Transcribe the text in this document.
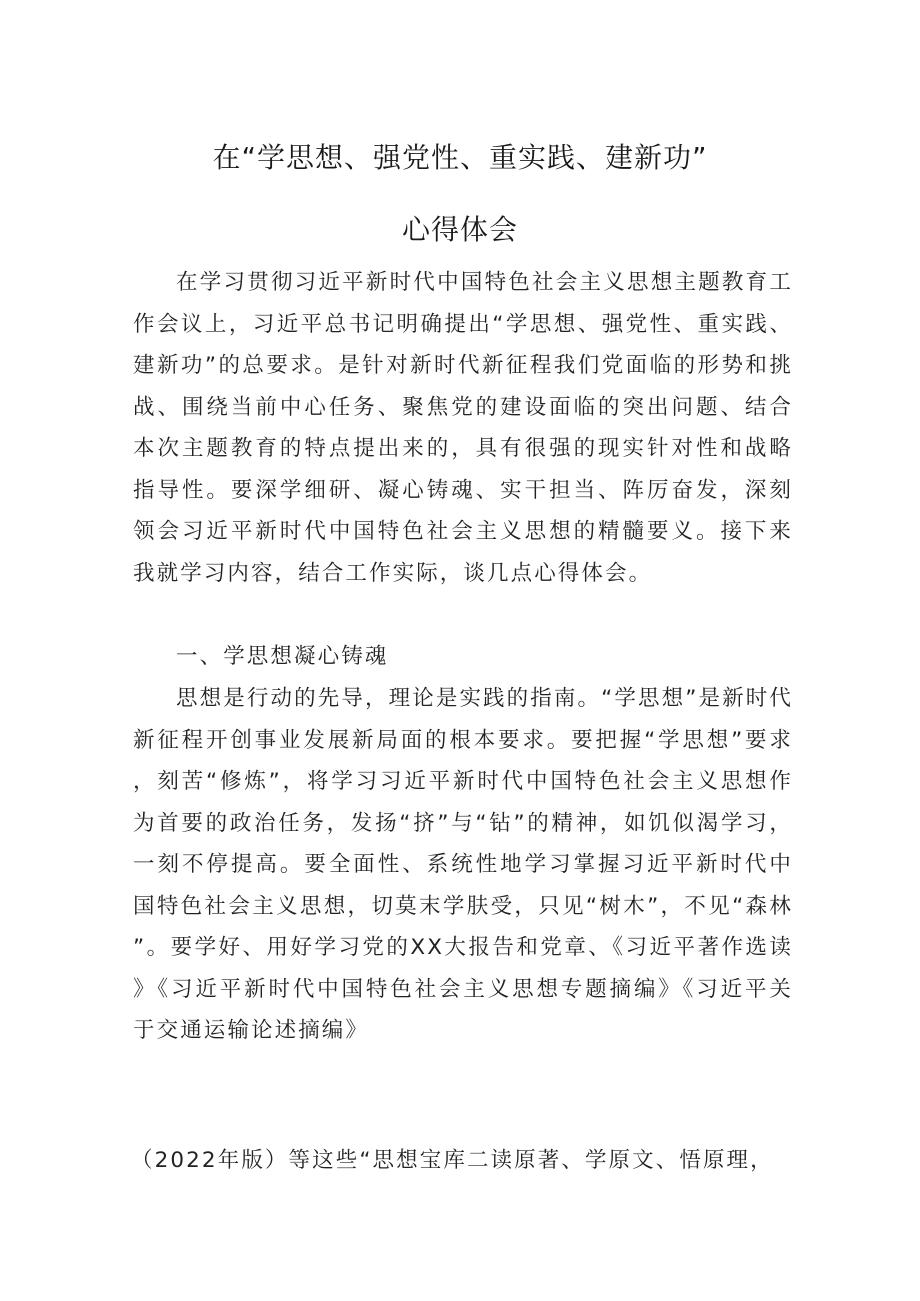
在“学思想、强党性、重实践、建新功”
心得体会

在学习贯彻习近平新时代中国特色社会主义思想主题教育工作会议上，习近平总书记明确提出“学思想、强党性、重实践、建新功”的总要求。是针对新时代新征程我们党面临的形势和挑战、围绕当前中心任务、聚焦党的建设面临的突出问题、结合本次主题教育的特点提出来的，具有很强的现实针对性和战略指导性。要深学细研、凝心铸魂、实干担当、阵厉奋发，深刻领会习近平新时代中国特色社会主义思想的精髓要义。接下来我就学习内容，结合工作实际，谈几点心得体会。

一、学思想凝心铸魂

思想是行动的先导，理论是实践的指南。“学思想”是新时代新征程开创事业发展新局面的根本要求。要把握“学思想”要求，刻苦“修炼”，将学习习近平新时代中国特色社会主义思想作为首要的政治任务，发扬“挤”与“钻”的精神，如饥似渴学习，一刻不停提高。要全面性、系统性地学习掌握习近平新时代中国特色社会主义思想，切莫末学肤受，只见“树木”，不见“森林”。要学好、用好学习党的XX大报告和党章、《习近平著作选读》《习近平新时代中国特色社会主义思想专题摘编》《习近平关于交通运输论述摘编》

（2022年版）等这些“思想宝库二读原著、学原文、悟原理，
